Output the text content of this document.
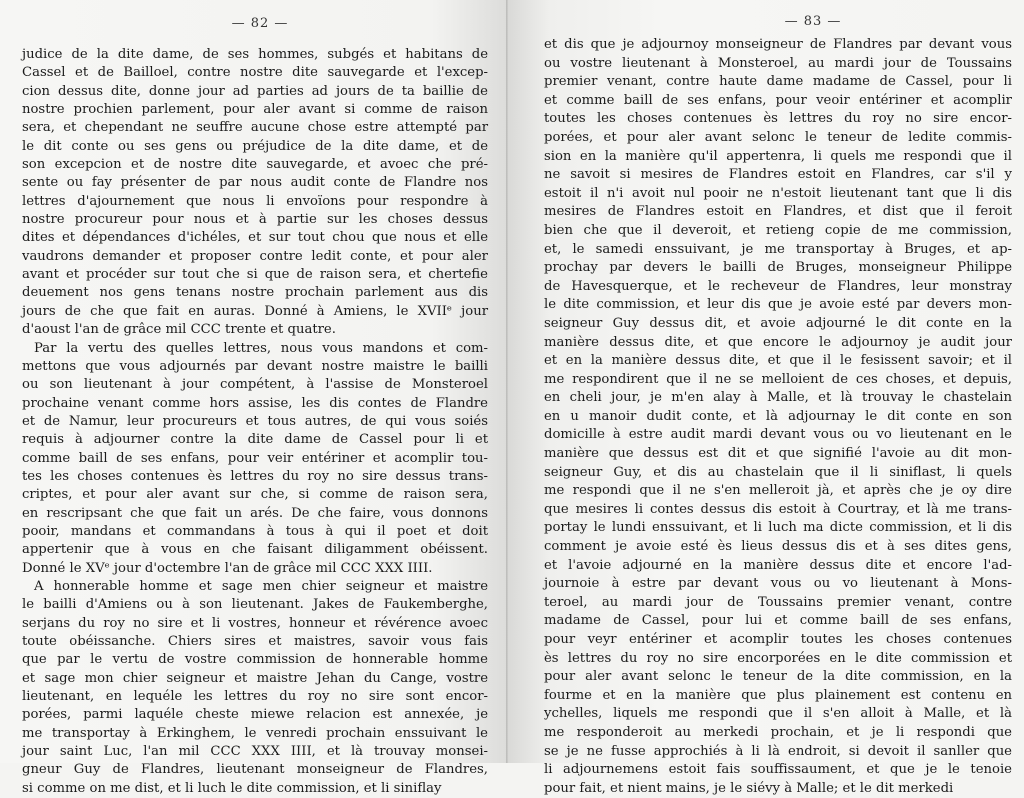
— 82 —
judice de la dite dame, de ses hommes, subgés et habitans de
Cassel et de Bailloel, contre nostre dite sauvegarde et l'excep-
cion dessus dite, donne jour ad parties ad jours de ta baillie de
nostre prochien parlement, pour aler avant si comme de raison
sera, et chependant ne seuffre aucune chose estre attempté par
le dit conte ou ses gens ou préjudice de la dite dame, et de
son excepcion et de nostre dite sauvegarde, et avoec che pré-
sente ou fay présenter de par nous audit conte de Flandre nos
lettres d'ajournement que nous li envoïons pour respondre à
nostre procureur pour nous et à partie sur les choses dessus
dites et dépendances d'ichéles, et sur tout chou que nous et elle
vaudrons demander et proposer contre ledit conte, et pour aler
avant et procéder sur tout che si que de raison sera, et chertefie
deuement nos gens tenans nostre prochain parlement aus dis
jours de che que fait en auras. Donné à Amiens, le XVIIᵉ jour
d'aoust l'an de grâce mil CCC trente et quatre.
Par la vertu des quelles lettres, nous vous mandons et com-
mettons que vous adjournés par devant nostre maistre le bailli
ou son lieutenant à jour compétent, à l'assise de Monsteroel
prochaine venant comme hors assise, les dis contes de Flandre
et de Namur, leur procureurs et tous autres, de qui vous soiés
requis à adjourner contre la dite dame de Cassel pour li et
comme baill de ses enfans, pour veir entériner et acomplir tou-
tes les choses contenues ès lettres du roy no sire dessus trans-
criptes, et pour aler avant sur che, si comme de raison sera,
en rescripsant che que fait un arés. De che faire, vous donnons
pooir, mandans et commandans à tous à qui il poet et doit
appertenir que à vous en che faisant diligamment obéissent.
Donné le XVᵉ jour d'octembre l'an de grâce mil CCC XXX IIII.
A honnerable homme et sage men chier seigneur et maistre
le bailli d'Amiens ou à son lieutenant. Jakes de Faukemberghe,
serjans du roy no sire et li vostres, honneur et révérence avoec
toute obéissanche. Chiers sires et maistres, savoir vous fais
que par le vertu de vostre commission de honnerable homme
et sage mon chier seigneur et maistre Jehan du Cange, vostre
lieutenant, en lequéle les lettres du roy no sire sont encor-
porées, parmi laquéle cheste miewe relacion est annexée, je
me transportay à Erkinghem, le venredi prochain enssuivant le
jour saint Luc, l'an mil CCC XXX IIII, et là trouvay monsei-
gneur Guy de Flandres, lieutenant monseigneur de Flandres,
si comme on me dist, et li luch le dite commission, et li siniflay
— 83 —
et dis que je adjournoy monseigneur de Flandres par devant vous
ou vostre lieutenant à Monsteroel, au mardi jour de Toussains
premier venant, contre haute dame madame de Cassel, pour li
et comme baill de ses enfans, pour veoir entériner et acomplir
toutes les choses contenues ès lettres du roy no sire encor-
porées, et pour aler avant selonc le teneur de ledite commis-
sion en la manière qu'il appertenra, li quels me respondi que il
ne savoit si mesires de Flandres estoit en Flandres, car s'il y
estoit il n'i avoit nul pooir ne n'estoit lieutenant tant que li dis
mesires de Flandres estoit en Flandres, et dist que il feroit
bien che que il deveroit, et retieng copie de me commission,
et, le samedi enssuivant, je me transportay à Bruges, et ap-
prochay par devers le bailli de Bruges, monseigneur Philippe
de Havesquerque, et le recheveur de Flandres, leur monstray
le dite commission, et leur dis que je avoie esté par devers mon-
seigneur Guy dessus dit, et avoie adjourné le dit conte en la
manière dessus dite, et que encore le adjournoy je audit jour
et en la manière dessus dite, et que il le fesissent savoir; et il
me respondirent que il ne se melloient de ces choses, et depuis,
en cheli jour, je m'en alay à Malle, et là trouvay le chastelain
en u manoir dudit conte, et là adjournay le dit conte en son
domicille à estre audit mardi devant vous ou vo lieutenant en le
manière que dessus est dit et que signifié l'avoie au dit mon-
seigneur Guy, et dis au chastelain que il li siniflast, li quels
me respondi que il ne s'en melleroit jà, et après che je oy dire
que mesires li contes dessus dis estoit à Courtray, et là me trans-
portay le lundi enssuivant, et li luch ma dicte commission, et li dis
comment je avoie esté ès lieus dessus dis et à ses dites gens,
et l'avoie adjourné en la manière dessus dite et encore l'ad-
journoie à estre par devant vous ou vo lieutenant à Mons-
teroel, au mardi jour de Toussains premier venant, contre
madame de Cassel, pour lui et comme baill de ses enfans,
pour veyr entériner et acomplir toutes les choses contenues
ès lettres du roy no sire encorporées en le dite commission et
pour aler avant selonc le teneur de la dite commission, en la
fourme et en la manière que plus plainement est contenu en
ychelles, liquels me respondi que il s'en alloit à Malle, et là
me responderoit au merkedi prochain, et je li respondi que
se je ne fusse approchiés à li là endroit, si devoit il sanller que
li adjournemens estoit fais souffissaument, et que je le tenoie
pour fait, et nient mains, je le siévy à Malle; et le dit merkedi
